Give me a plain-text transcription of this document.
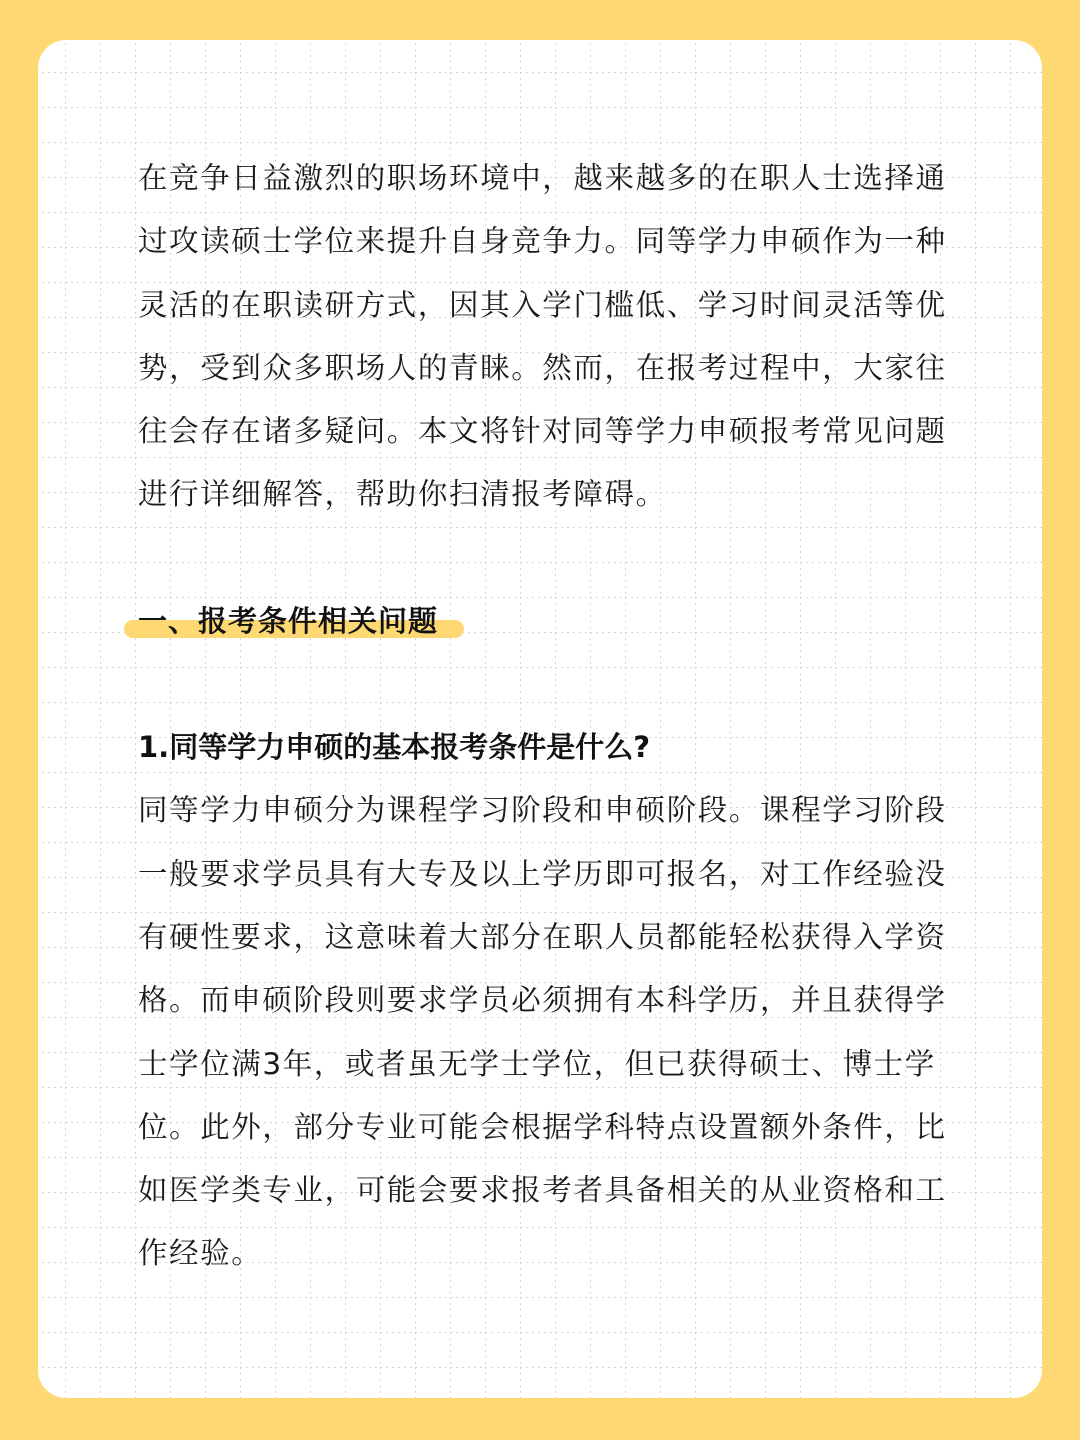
在竞争日益激烈的职场环境中，越来越多的在职人士选择通
过攻读硕士学位来提升自身竞争力。同等学力申硕作为一种
灵活的在职读研方式，因其入学门槛低、学习时间灵活等优
势，受到众多职场人的青睐。然而，在报考过程中，大家往
往会存在诸多疑问。本文将针对同等学力申硕报考常见问题
进行详细解答，帮助你扫清报考障碍。
一、报考条件相关问题
1.同等学力申硕的基本报考条件是什么?
同等学力申硕分为课程学习阶段和申硕阶段。课程学习阶段
一般要求学员具有大专及以上学历即可报名，对工作经验没
有硬性要求，这意味着大部分在职人员都能轻松获得入学资
格。而申硕阶段则要求学员必须拥有本科学历，并且获得学
士学位满3年，或者虽无学士学位，但已获得硕士、博士学
位。此外，部分专业可能会根据学科特点设置额外条件，比
如医学类专业，可能会要求报考者具备相关的从业资格和工
作经验。
